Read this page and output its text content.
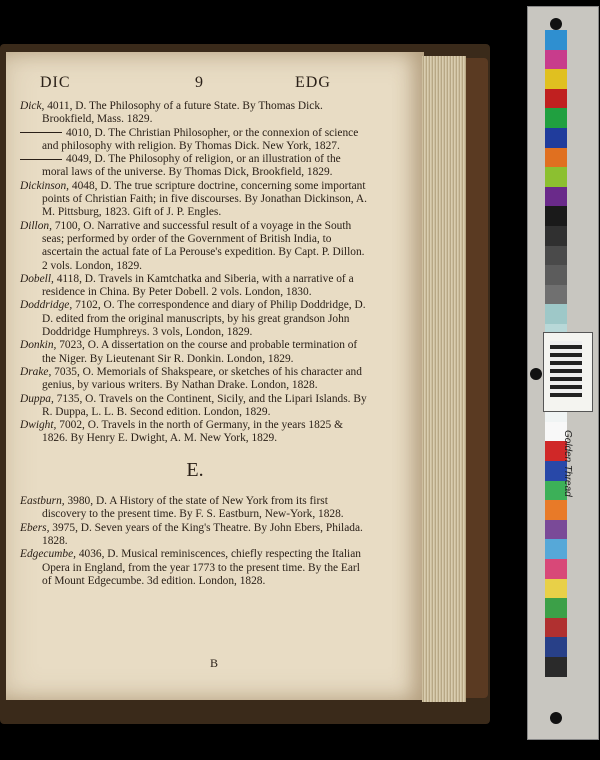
DIC	9	EDG
Dick, 4011, D. The Philosophy of a future State. By Thomas Dick. Brookfield, Mass. 1829.
4010, D. The Christian Philosopher, or the connexion of science and philosophy with religion. By Thomas Dick. New York, 1827.
4049, D. The Philosophy of religion, or an illustration of the moral laws of the universe. By Thomas Dick, Brookfield, 1829.
Dickinson, 4048, D. The true scripture doctrine, concerning some important points of Christian Faith; in five discourses. By Jonathan Dickinson, A. M. Pittsburg, 1823. Gift of J. P. Engles.
Dillon, 7100, O. Narrative and successful result of a voyage in the South seas; performed by order of the Government of British India, to ascertain the actual fate of La Perouse's expedition. By Capt. P. Dillon. 2 vols. London, 1829.
Dobell, 4118, D. Travels in Kamtchatka and Siberia, with a narrative of a residence in China. By Peter Dobell. 2 vols. London, 1830.
Doddridge, 7102, O. The correspondence and diary of Philip Doddridge, D. D. edited from the original manuscripts, by his great grandson John Doddridge Humphreys. 3 vols, London, 1829.
Donkin, 7023, O. A dissertation on the course and probable termination of the Niger. By Lieutenant Sir R. Donkin. London, 1829.
Drake, 7035, O. Memorials of Shakspeare, or sketches of his character and genius, by various writers. By Nathan Drake. London, 1828.
Duppa, 7135, O. Travels on the Continent, Sicily, and the Lipari Islands. By R. Duppa, L. L. B. Second edition. London, 1829.
Dwight, 7002, O. Travels in the north of Germany, in the years 1825 & 1826. By Henry E. Dwight, A. M. New York, 1829.
E.
Eastburn, 3980, D. A History of the state of New York from its first discovery to the present time. By F. S. Eastburn, New-York, 1828.
Ebers, 3975, D. Seven years of the King's Theatre. By John Ebers, Philada. 1828.
Edgecumbe, 4036, D. Musical reminiscences, chiefly respecting the Italian Opera in England, from the year 1773 to the present time. By the Earl of Mount Edgecumbe. 3d edition. London, 1828.
B
Golden Thread
